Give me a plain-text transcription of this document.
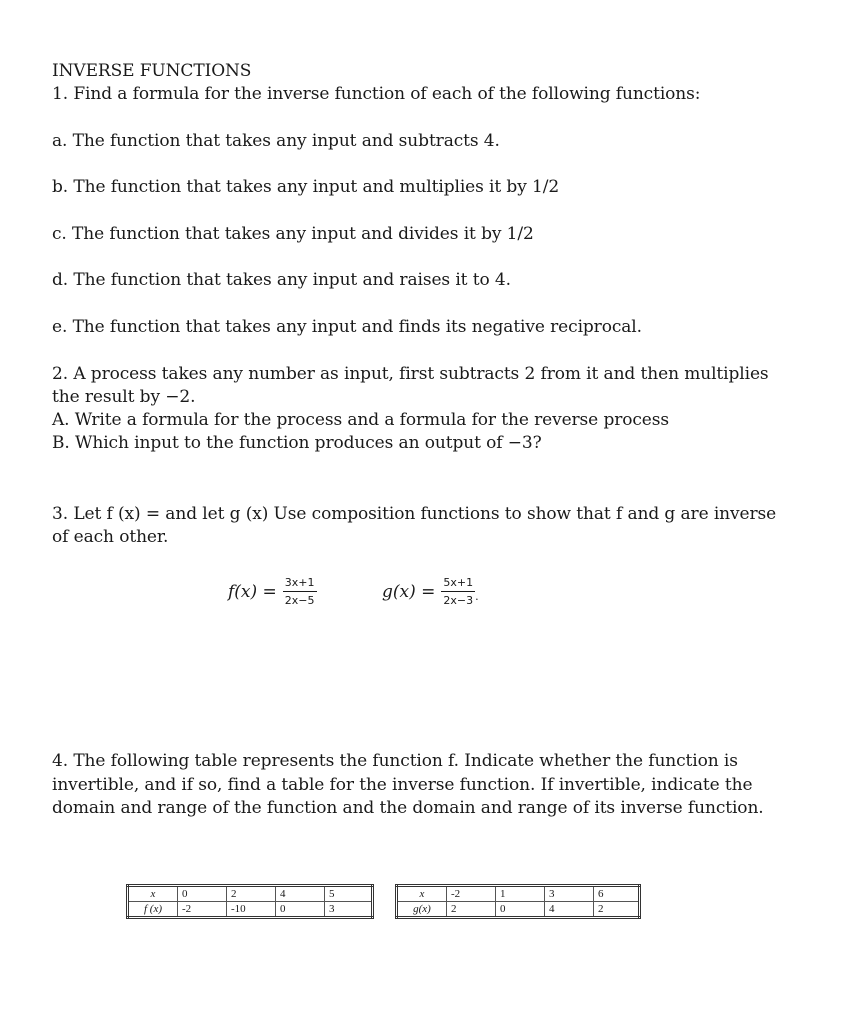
INVERSE FUNCTIONS
1. Find a formula for the inverse function of each of the following functions:
a. The function that takes any input and subtracts 4.
b. The function that takes any input and multiplies it by 1/2
c. The function that takes any input and divides it by 1/2
d. The function that takes any input and raises it to 4.
e. The function that takes any input and finds its negative reciprocal.
2. A process takes any number as input, first subtracts 2 from it and then multiplies
the result by −2.
A. Write a formula for the process and a formula for the reverse process
B. Which input to the function produces an output of −3?
3. Let f (x) = and let g (x) Use composition functions to show that f and g are inverse
of each other.
$f(x) = \frac{3x+1}{2x-5}$	$g(x) = \frac{5x+1}{2x-3}$ .
4. The following table represents the function f. Indicate whether the function is
invertible, and if so, find a table for the inverse function. If invertible, indicate the
domain and range of the function and the domain and range of its inverse function.
x	0	2	4	5
f (x)	-2	-10	0	3
x	-2	1	3	6
g(x)	2	0	4	2
